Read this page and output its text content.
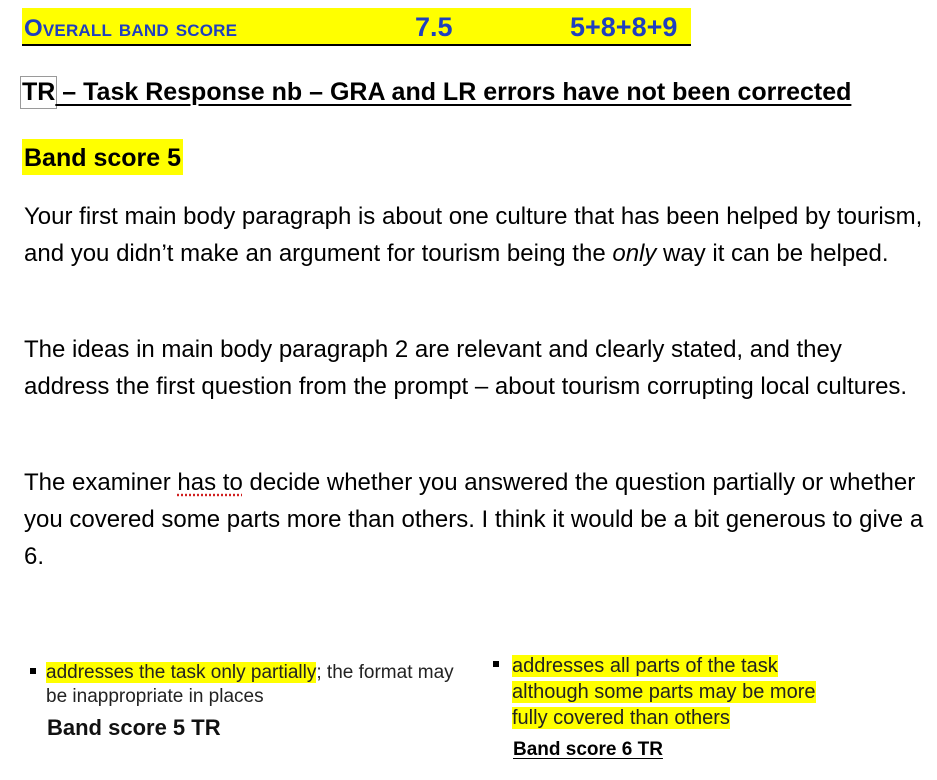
Overall band score	7.5	5+8+8+9
TR – Task Response nb – GRA and LR errors have not been corrected
Band score 5

Your first main body paragraph is about one culture that has been helped by tourism, and you didn’t make an argument for tourism being the only way it can be helped.

The ideas in main body paragraph 2 are relevant and clearly stated, and they address the first question from the prompt – about tourism corrupting local cultures.

The examiner has to decide whether you answered the question partially or whether you covered some parts more than others. I think it would be a bit generous to give a 6.

addresses the task only partially; the format may be inappropriate in places
Band score 5 TR
addresses all parts of the task although some parts may be more fully covered than others
Band score 6 TR
